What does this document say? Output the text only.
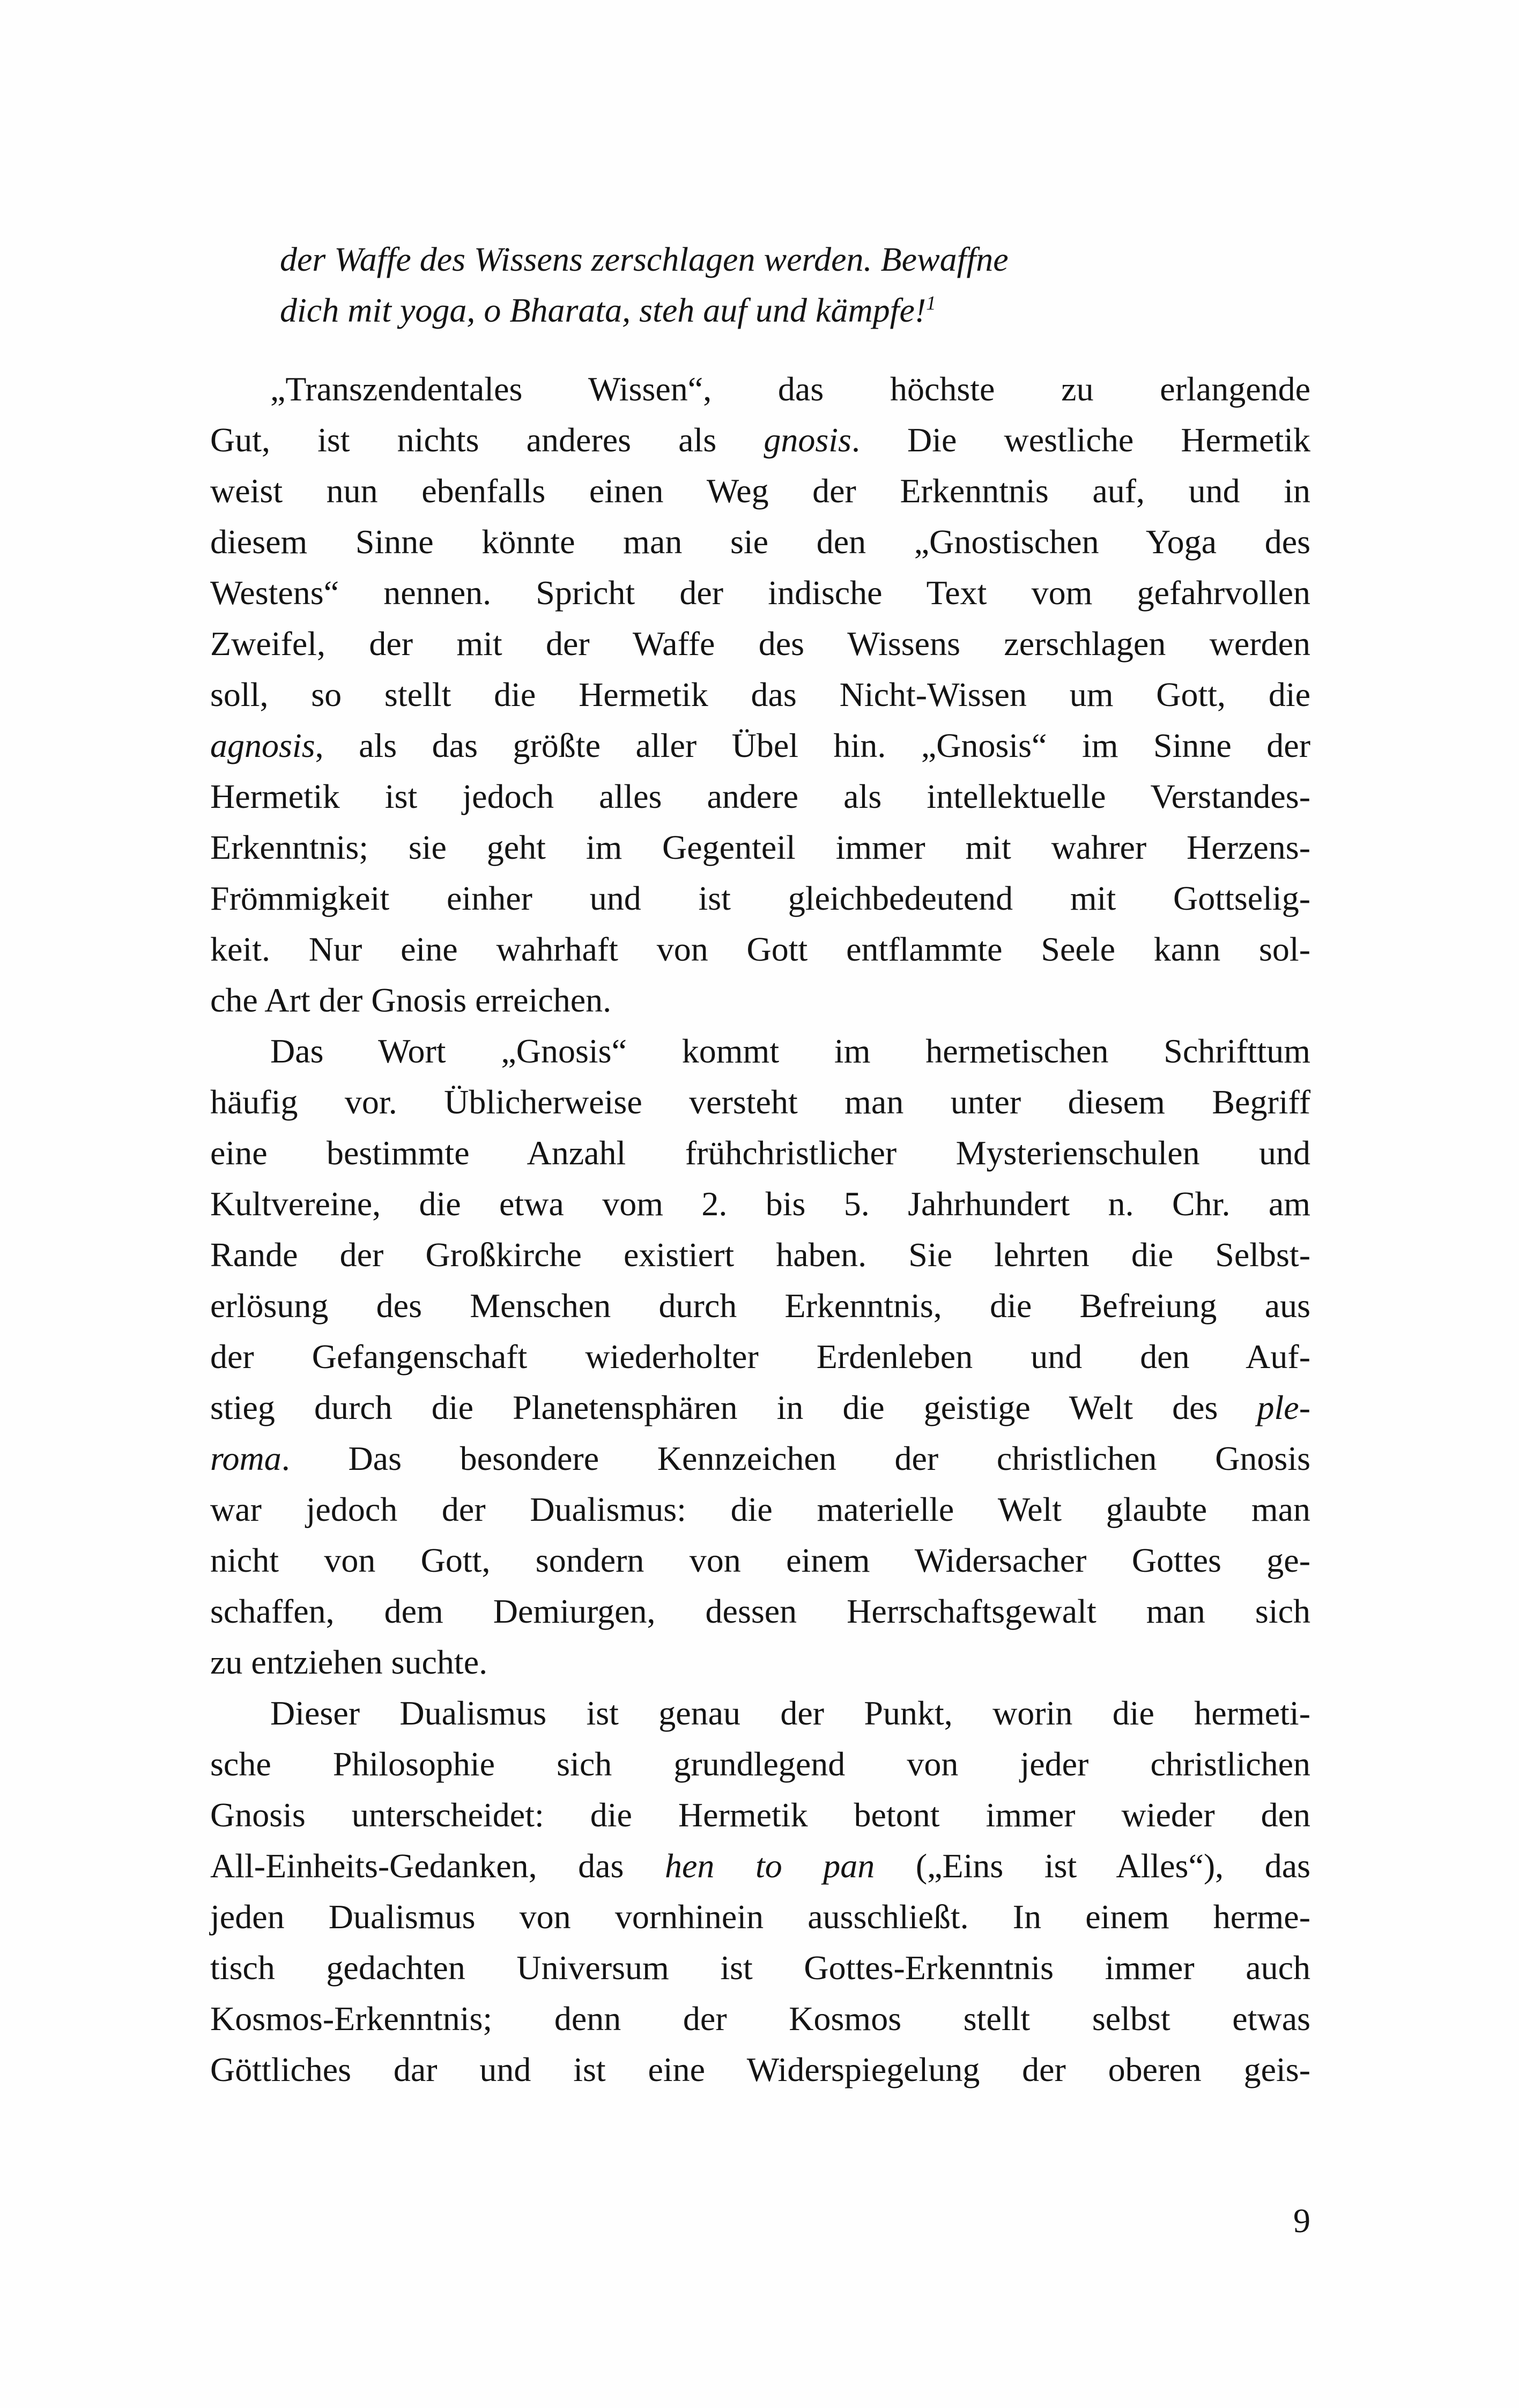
der Waffe des Wissens zerschlagen werden. Bewaffne
dich mit yoga, o Bharata, steh auf und kämpfe!$^1$
„Transzendentales Wissen“, das höchste zu erlangende
Gut, ist nichts anderes als gnosis. Die westliche Hermetik
weist nun ebenfalls einen Weg der Erkenntnis auf, und in
diesem Sinne könnte man sie den „Gnostischen Yoga des
Westens“ nennen. Spricht der indische Text vom gefahrvollen
Zweifel, der mit der Waffe des Wissens zerschlagen werden
soll, so stellt die Hermetik das Nicht-Wissen um Gott, die
agnosis, als das größte aller Übel hin. „Gnosis“ im Sinne der
Hermetik ist jedoch alles andere als intellektuelle Verstandes-
Erkenntnis; sie geht im Gegenteil immer mit wahrer Herzens-
Frömmigkeit einher und ist gleichbedeutend mit Gottselig-
keit. Nur eine wahrhaft von Gott entflammte Seele kann sol-
che Art der Gnosis erreichen.
Das Wort „Gnosis“ kommt im hermetischen Schrifttum
häufig vor. Üblicherweise versteht man unter diesem Begriff
eine bestimmte Anzahl frühchristlicher Mysterienschulen und
Kultvereine, die etwa vom 2. bis 5. Jahrhundert n. Chr. am
Rande der Großkirche existiert haben. Sie lehrten die Selbst-
erlösung des Menschen durch Erkenntnis, die Befreiung aus
der Gefangenschaft wiederholter Erdenleben und den Auf-
stieg durch die Planetensphären in die geistige Welt des ple-
roma. Das besondere Kennzeichen der christlichen Gnosis
war jedoch der Dualismus: die materielle Welt glaubte man
nicht von Gott, sondern von einem Widersacher Gottes ge-
schaffen, dem Demiurgen, dessen Herrschaftsgewalt man sich
zu entziehen suchte.
Dieser Dualismus ist genau der Punkt, worin die hermeti-
sche Philosophie sich grundlegend von jeder christlichen
Gnosis unterscheidet: die Hermetik betont immer wieder den
All-Einheits-Gedanken, das hen to pan („Eins ist Alles“), das
jeden Dualismus von vornhinein ausschließt. In einem herme-
tisch gedachten Universum ist Gottes-Erkenntnis immer auch
Kosmos-Erkenntnis; denn der Kosmos stellt selbst etwas
Göttliches dar und ist eine Widerspiegelung der oberen geis-
9
